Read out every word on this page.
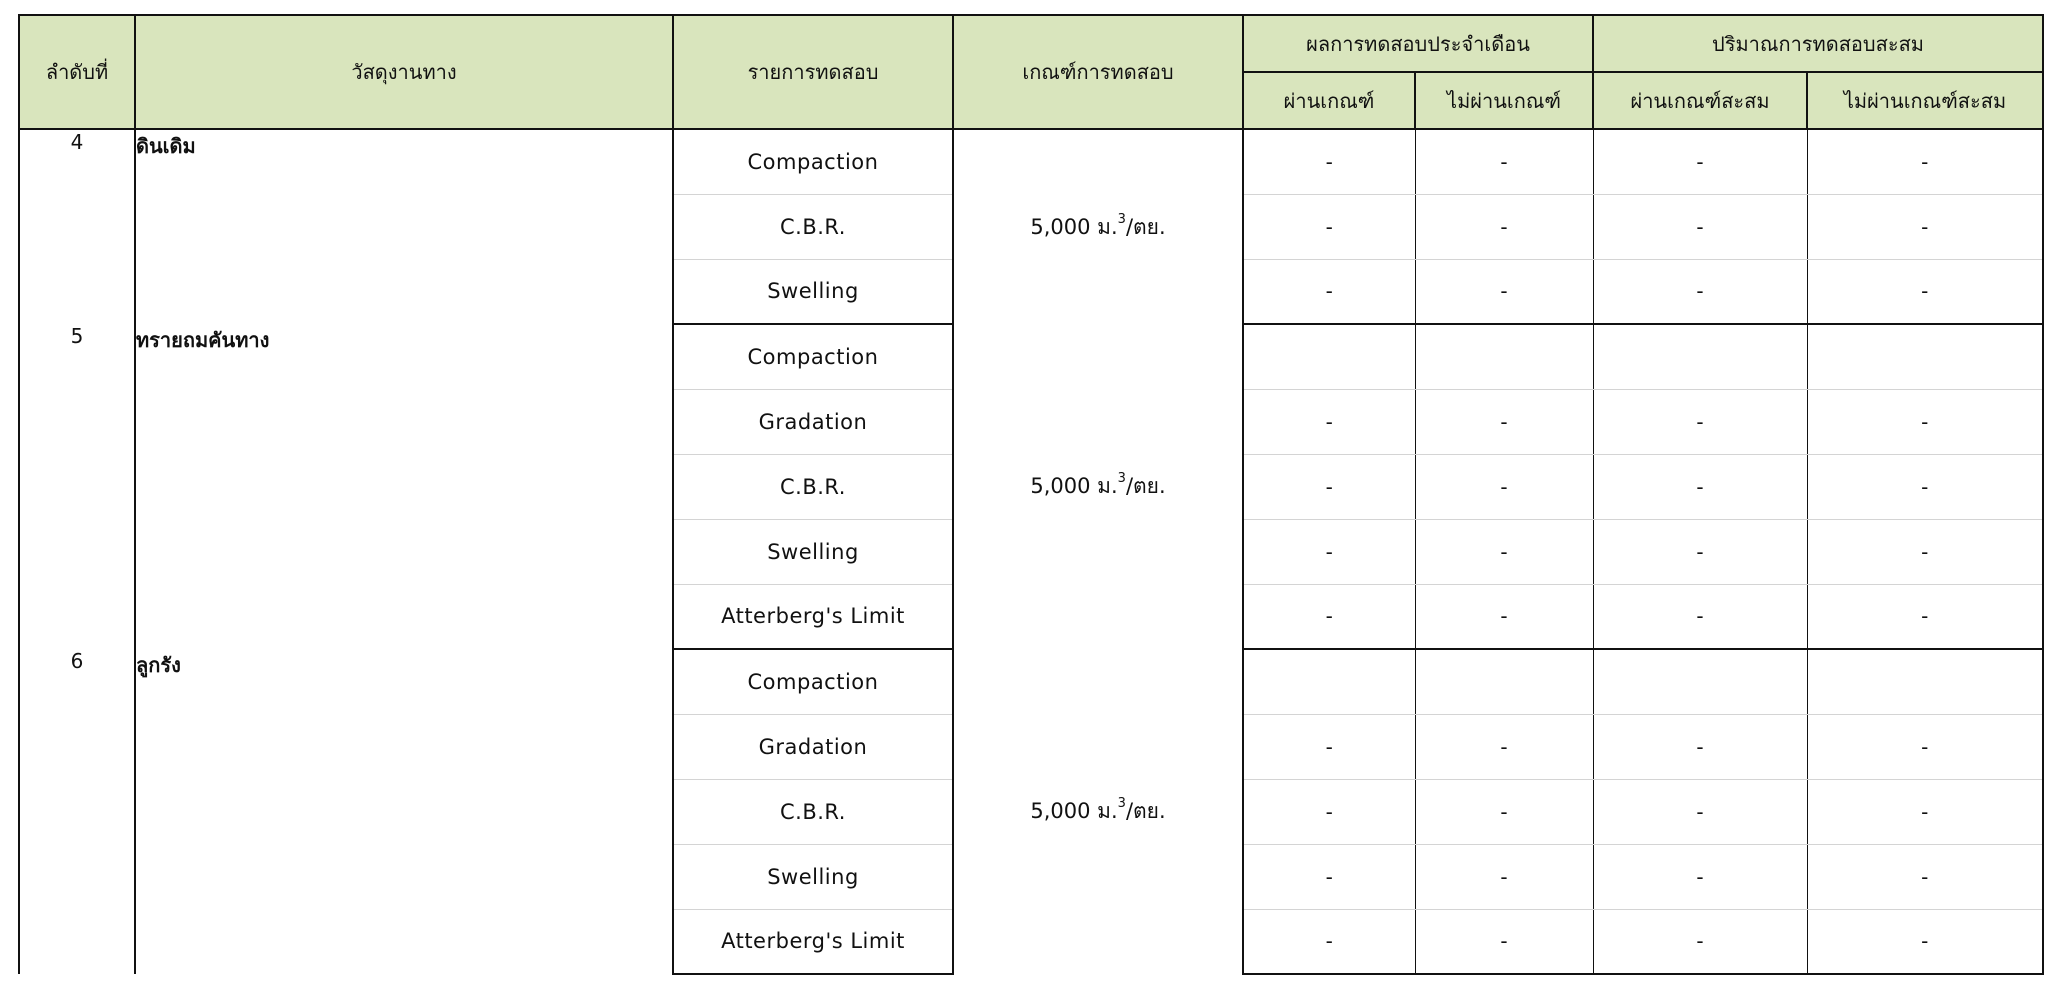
ลำดับที่	วัสดุงานทาง	รายการทดสอบ	เกณฑ์การทดสอบ	ผลการทดสอบประจำเดือน		ปริมาณการทดสอบสะสม	
				ผ่านเกณฑ์	ไม่ผ่านเกณฑ์	ผ่านเกณฑ์สะสม	ไม่ผ่านเกณฑ์สะสม
4	ดินเดิม	Compaction	5,000 ม.$^3$/ตย.	-	-	-	-
		C.B.R.		-	-	-	-
		Swelling		-	-	-	-
5	ทรายถมคันทาง	Compaction	5,000 ม.$^3$/ตย.				
		Gradation		-	-	-	-
		C.B.R.		-	-	-	-
		Swelling		-	-	-	-
		Atterberg's Limit		-	-	-	-
6	ลูกรัง	Compaction	5,000 ม.$^3$/ตย.				
		Gradation		-	-	-	-
		C.B.R.		-	-	-	-
		Swelling		-	-	-	-
		Atterberg's Limit		-	-	-	-
